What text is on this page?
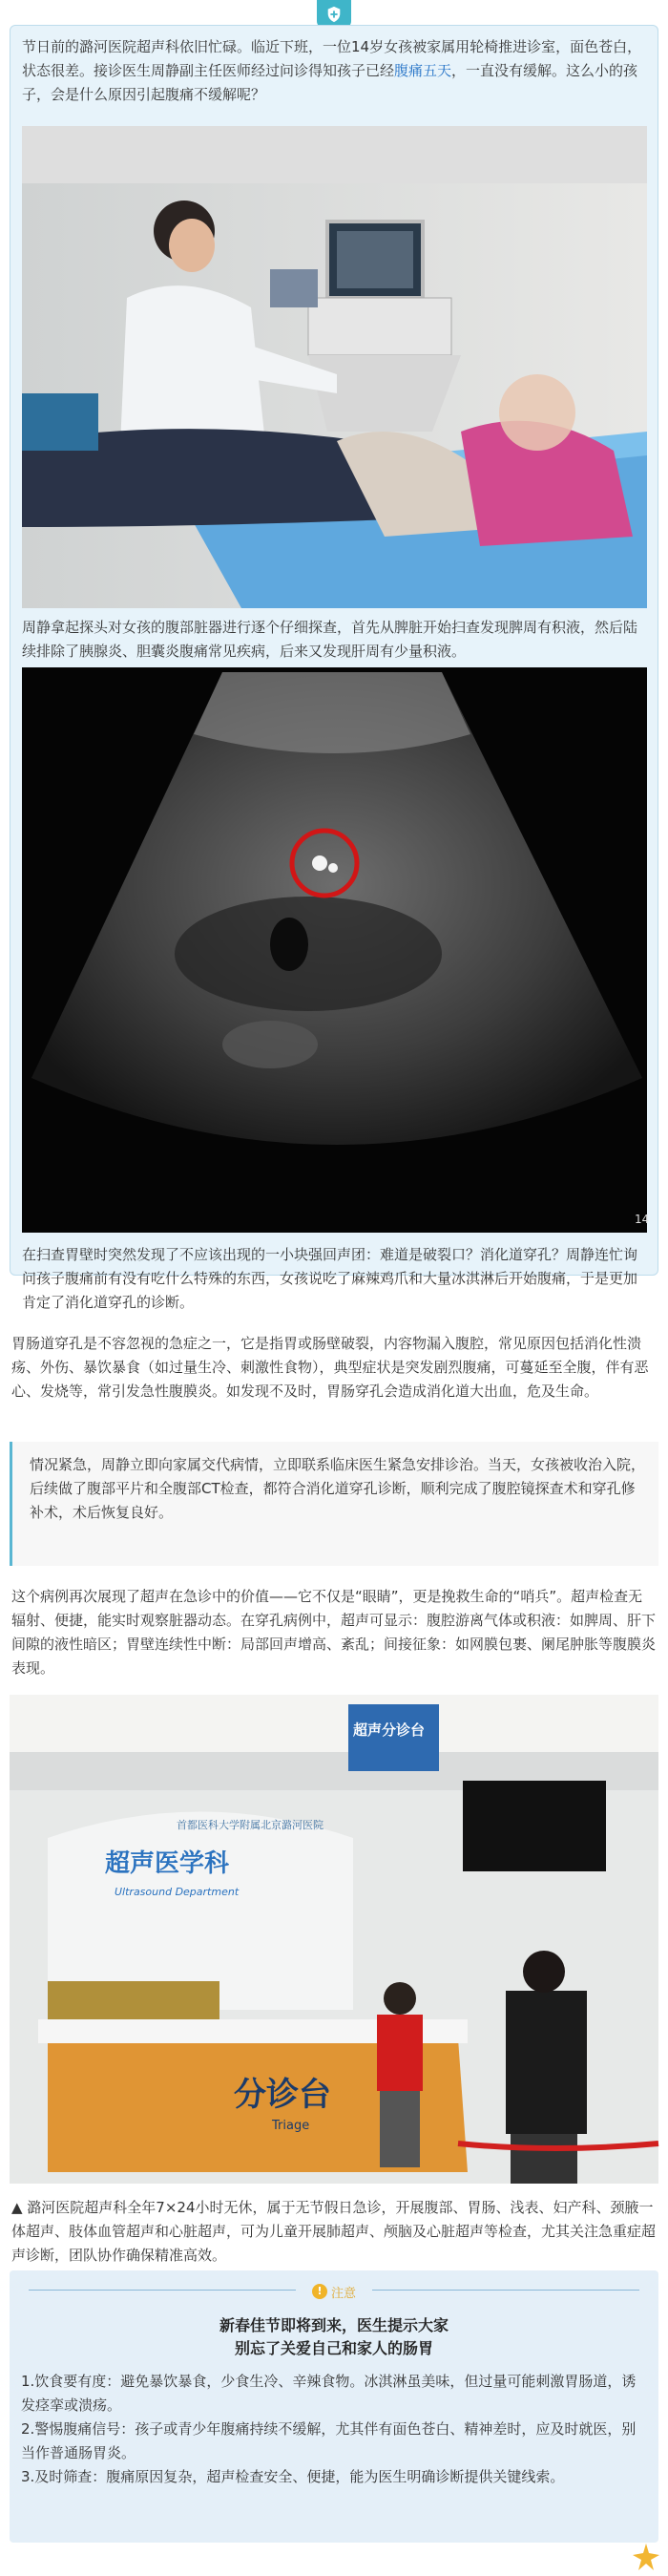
节日前的潞河医院超声科依旧忙碌。临近下班，一位14岁女孩被家属用轮椅推进诊室，面色苍白，状态很差。接诊医生周静副主任医师经过问诊得知孩子已经腹痛五天，一直没有缓解。这么小的孩子，会是什么原因引起腹痛不缓解呢？

周静拿起探头对女孩的腹部脏器进行逐个仔细探查，首先从脾脏开始扫查发现脾周有积液，然后陆续排除了胰腺炎、胆囊炎腹痛常见疾病，后来又发现肝周有少量积液。

14

在扫查胃壁时突然发现了不应该出现的一小块强回声团：难道是破裂口？消化道穿孔？周静连忙询问孩子腹痛前有没有吃什么特殊的东西，女孩说吃了麻辣鸡爪和大量冰淇淋后开始腹痛，于是更加肯定了消化道穿孔的诊断。

胃肠道穿孔是不容忽视的急症之一，它是指胃或肠壁破裂，内容物漏入腹腔，常见原因包括消化性溃疡、外伤、暴饮暴食（如过量生冷、刺激性食物），典型症状是突发剧烈腹痛，可蔓延至全腹，伴有恶心、发烧等，常引发急性腹膜炎。如发现不及时，胃肠穿孔会造成消化道大出血，危及生命。

情况紧急，周静立即向家属交代病情，立即联系临床医生紧急安排诊治。当天，女孩被收治入院，后续做了腹部平片和全腹部CT检查，都符合消化道穿孔诊断，顺利完成了腹腔镜探查术和穿孔修补术，术后恢复良好。

这个病例再次展现了超声在急诊中的价值——它不仅是“眼睛”，更是挽救生命的“哨兵”。超声检查无辐射、便捷，能实时观察脏器动态。在穿孔病例中，超声可显示：腹腔游离气体或积液：如脾周、肝下间隙的液性暗区；胃壁连续性中断：局部回声增高、紊乱；间接征象：如网膜包裹、阑尾肿胀等腹膜炎表现。

首都医科大学附属北京潞河医院
超声医学科
Ultrasound Department
超声分诊台
分诊台
Triage

▲ 潞河医院超声科全年7×24小时无休，属于无节假日急诊，开展腹部、胃肠、浅表、妇产科、颈腋一体超声、肢体血管超声和心脏超声，可为儿童开展肺超声、颅脑及心脏超声等检查，尤其关注急重症超声诊断，团队协作确保精准高效。

! 注意
新春佳节即将到来，医生提示大家
别忘了关爱自己和家人的肠胃

1.饮食要有度：避免暴饮暴食，少食生冷、辛辣食物。冰淇淋虽美味，但过量可能刺激胃肠道，诱发痉挛或溃疡。

2.警惕腹痛信号：孩子或青少年腹痛持续不缓解，尤其伴有面色苍白、精神差时，应及时就医，别当作普通肠胃炎。

3.及时筛查：腹痛原因复杂，超声检查安全、便捷，能为医生明确诊断提供关键线索。
